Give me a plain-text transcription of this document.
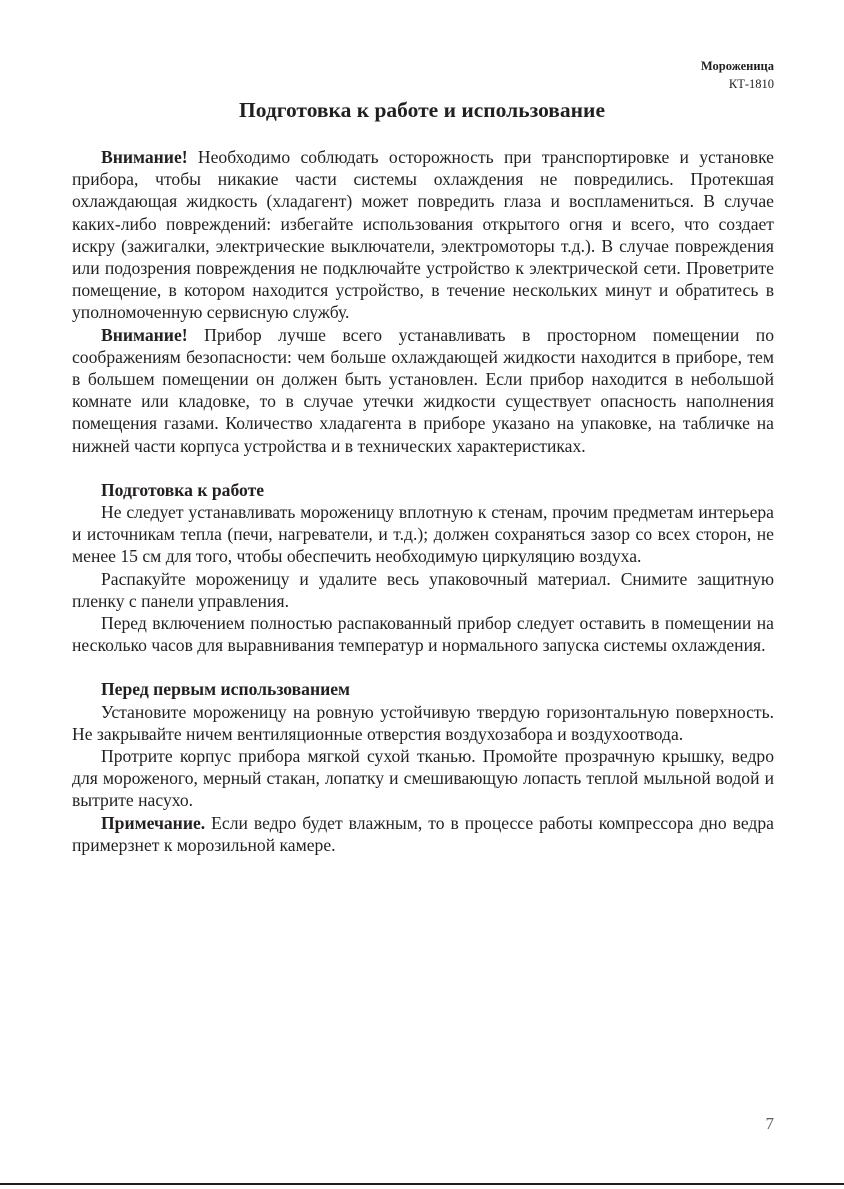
Мороженица
КТ-1810
Подготовка к работе и использование

Внимание! Необходимо соблюдать осторожность при транспортировке и установке прибора, чтобы никакие части системы охлаждения не повредились. Протекшая охлаждающая жидкость (хладагент) может повредить глаза и воспламениться. В случае каких-либо повреждений: избегайте использования открытого огня и всего, что создает искру (зажигалки, электрические выключатели, электромоторы т.д.). В случае повреждения или подозрения повреждения не подключайте устройство к электрической сети. Проветрите помещение, в котором находится устройство, в течение нескольких минут и обратитесь в уполномоченную сервисную службу.

Внимание! Прибор лучше всего устанавливать в просторном помещении по соображениям безопасности: чем больше охлаждающей жидкости находится в приборе, тем в большем помещении он должен быть установлен. Если прибор находится в небольшой комнате или кладовке, то в случае утечки жидкости существует опасность наполнения помещения газами. Количество хладагента в приборе указано на упаковке, на табличке на нижней части корпуса устройства и в технических характеристиках.

Подготовка к работе

Не следует устанавливать мороженицу вплотную к стенам, прочим предметам интерьера и источникам тепла (печи, нагреватели, и т.д.); должен сохраняться зазор со всех сторон, не менее 15 см для того, чтобы обеспечить необходимую циркуляцию воздуха.

Распакуйте мороженицу и удалите весь упаковочный материал. Снимите защитную пленку с панели управления.

Перед включением полностью распакованный прибор следует оставить в помещении на несколько часов для выравнивания температур и нормального запуска системы охлаждения.

Перед первым использованием

Установите мороженицу на ровную устойчивую твердую горизонтальную поверхность. Не закрывайте ничем вентиляционные отверстия воздухозабора и воздухоотвода.

Протрите корпус прибора мягкой сухой тканью. Промойте прозрачную крышку, ведро для мороженого, мерный стакан, лопатку и смешивающую лопасть теплой мыльной водой и вытрите насухо.

Примечание. Если ведро будет влажным, то в процессе работы компрессора дно ведра примерзнет к морозильной камере.

7
